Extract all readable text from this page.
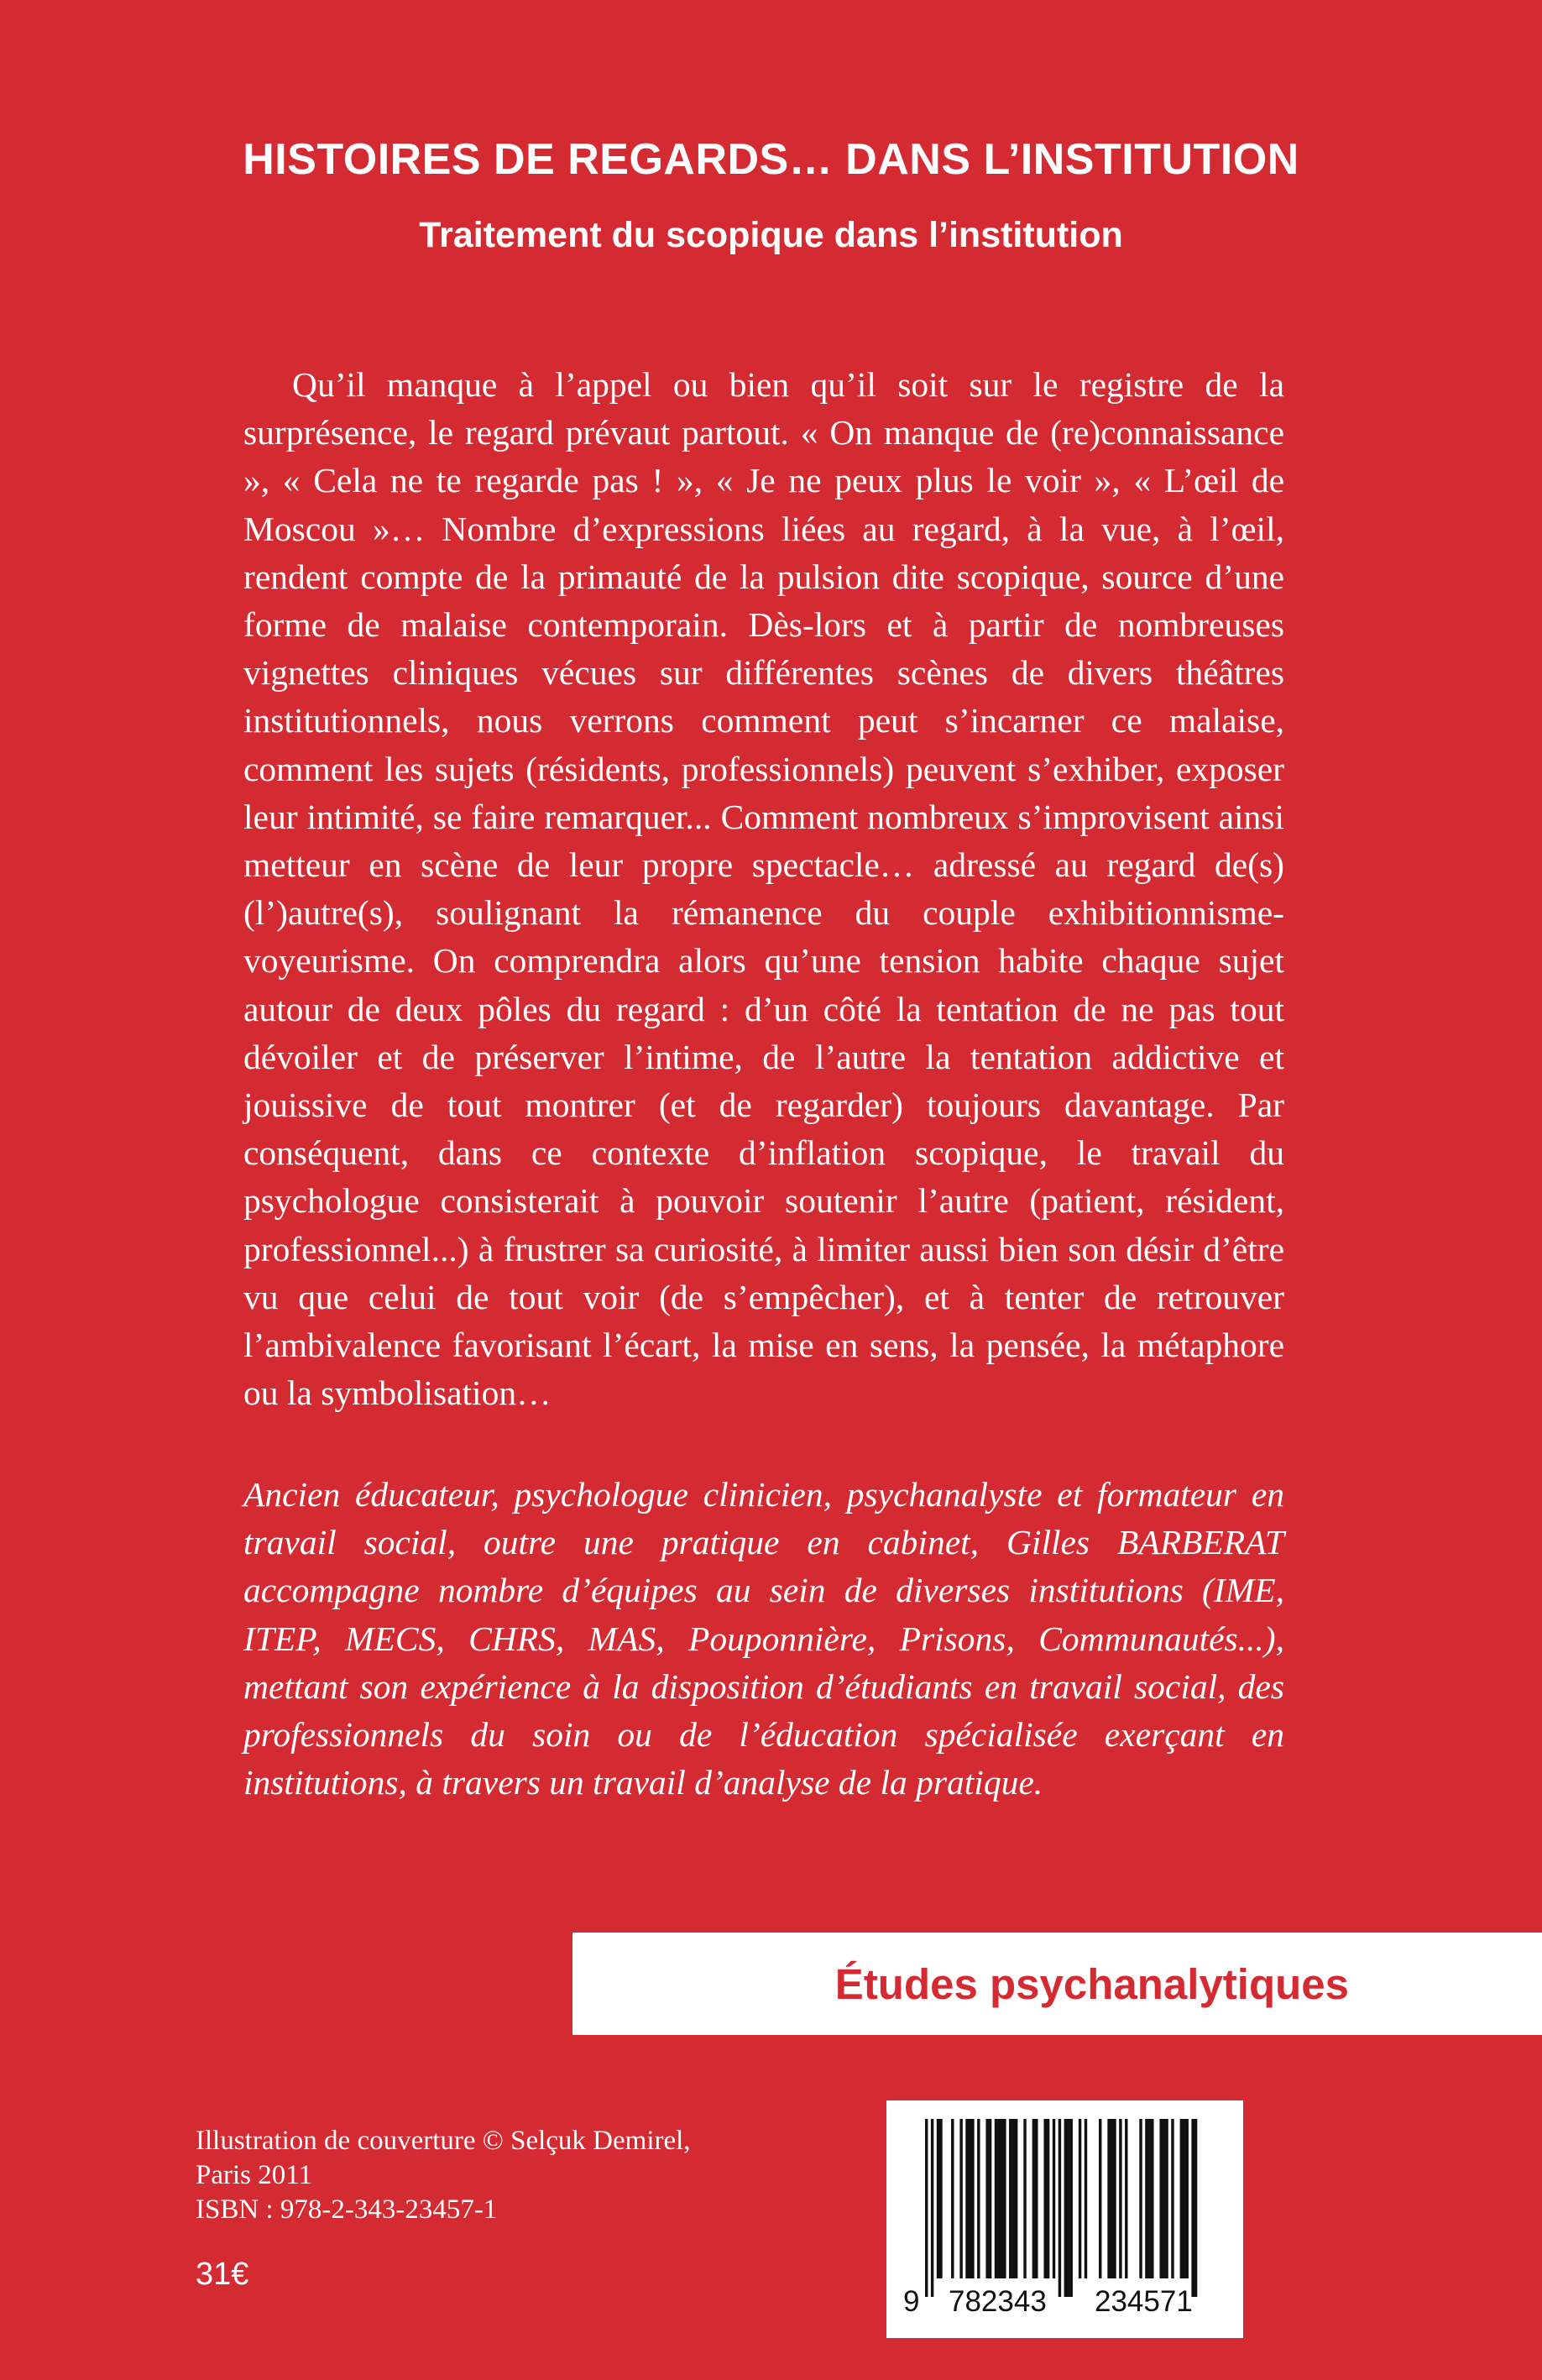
HISTOIRES DE REGARDS… DANS L’INSTITUTION
Traitement du scopique dans l’institution

Qu’il manque à l’appel ou bien qu’il soit sur le registre de la surprésence, le regard prévaut partout. « On manque de (re)connaissance », « Cela ne te regarde pas ! », « Je ne peux plus le voir », « L’œil de Moscou »… Nombre d’expressions liées au regard, à la vue, à l’œil, rendent compte de la primauté de la pulsion dite scopique, source d’une forme de malaise contemporain. Dès-lors et à partir de nombreuses vignettes cliniques vécues sur différentes scènes de divers théâtres institutionnels, nous verrons comment peut s’incarner ce malaise, comment les sujets (résidents, professionnels) peuvent s’exhiber, exposer leur intimité, se faire remarquer... Comment nombreux s’improvisent ainsi metteur en scène de leur propre spectacle… adressé au regard de(s) (l’)autre(s), soulignant la rémanence du couple exhibitionnisme-voyeurisme. On comprendra alors qu’une tension habite chaque sujet autour de deux pôles du regard : d’un côté la tentation de ne pas tout dévoiler et de préserver l’intime, de l’autre la tentation addictive et jouissive de tout montrer (et de regarder) toujours davantage. Par conséquent, dans ce contexte d’inflation scopique, le travail du psychologue consisterait à pouvoir soutenir l’autre (patient, résident, professionnel...) à frustrer sa curiosité, à limiter aussi bien son désir d’être vu que celui de tout voir (de s’empêcher), et à tenter de retrouver l’ambivalence favorisant l’écart, la mise en sens, la pensée, la métaphore ou la symbolisation…

Ancien éducateur, psychologue clinicien, psychanalyste et formateur en travail social, outre une pratique en cabinet, Gilles BARBERAT accompagne nombre d’équipes au sein de diverses institutions (IME, ITEP, MECS, CHRS, MAS, Pouponnière, Prisons, Communautés...), mettant son expérience à la disposition d’étudiants en travail social, des professionnels du soin ou de l’éducation spécialisée exerçant en institutions, à travers un travail d’analyse de la pratique.

Études psychanalytiques
Illustration de couverture © Selçuk Demirel,
Paris 2011
ISBN : 978-2-343-23457-1
31€
9 782343 234571
